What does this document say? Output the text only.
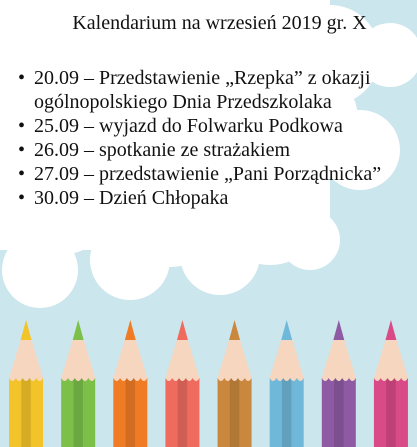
Kalendarium na wrzesień 2019 gr. X
• 20.09 – Przedstawienie „Rzepka” z okazji ogólnopolskiego Dnia Przedszkolaka
• 25.09 – wyjazd do Folwarku Podkowa
• 26.09 – spotkanie ze strażakiem
• 27.09 – przedstawienie „Pani Porządnicka”
• 30.09 – Dzień Chłopaka
